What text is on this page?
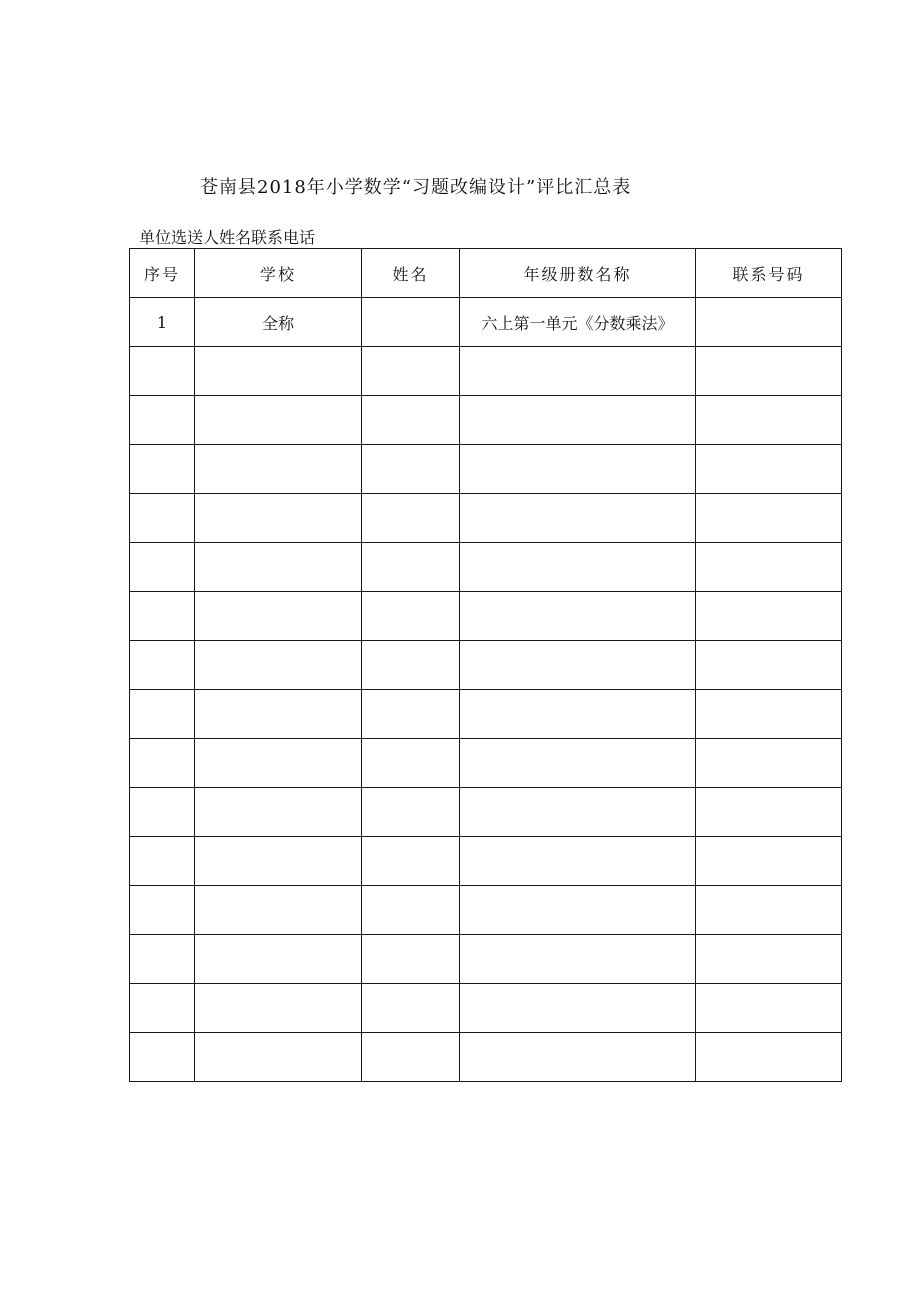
苍南县2018年小学数学“习题改编设计”评比汇总表
单位选送人姓名联系电话
序号	学校	姓名	年级册数名称	联系号码
1	全称		六上第一单元《分数乘法》	
